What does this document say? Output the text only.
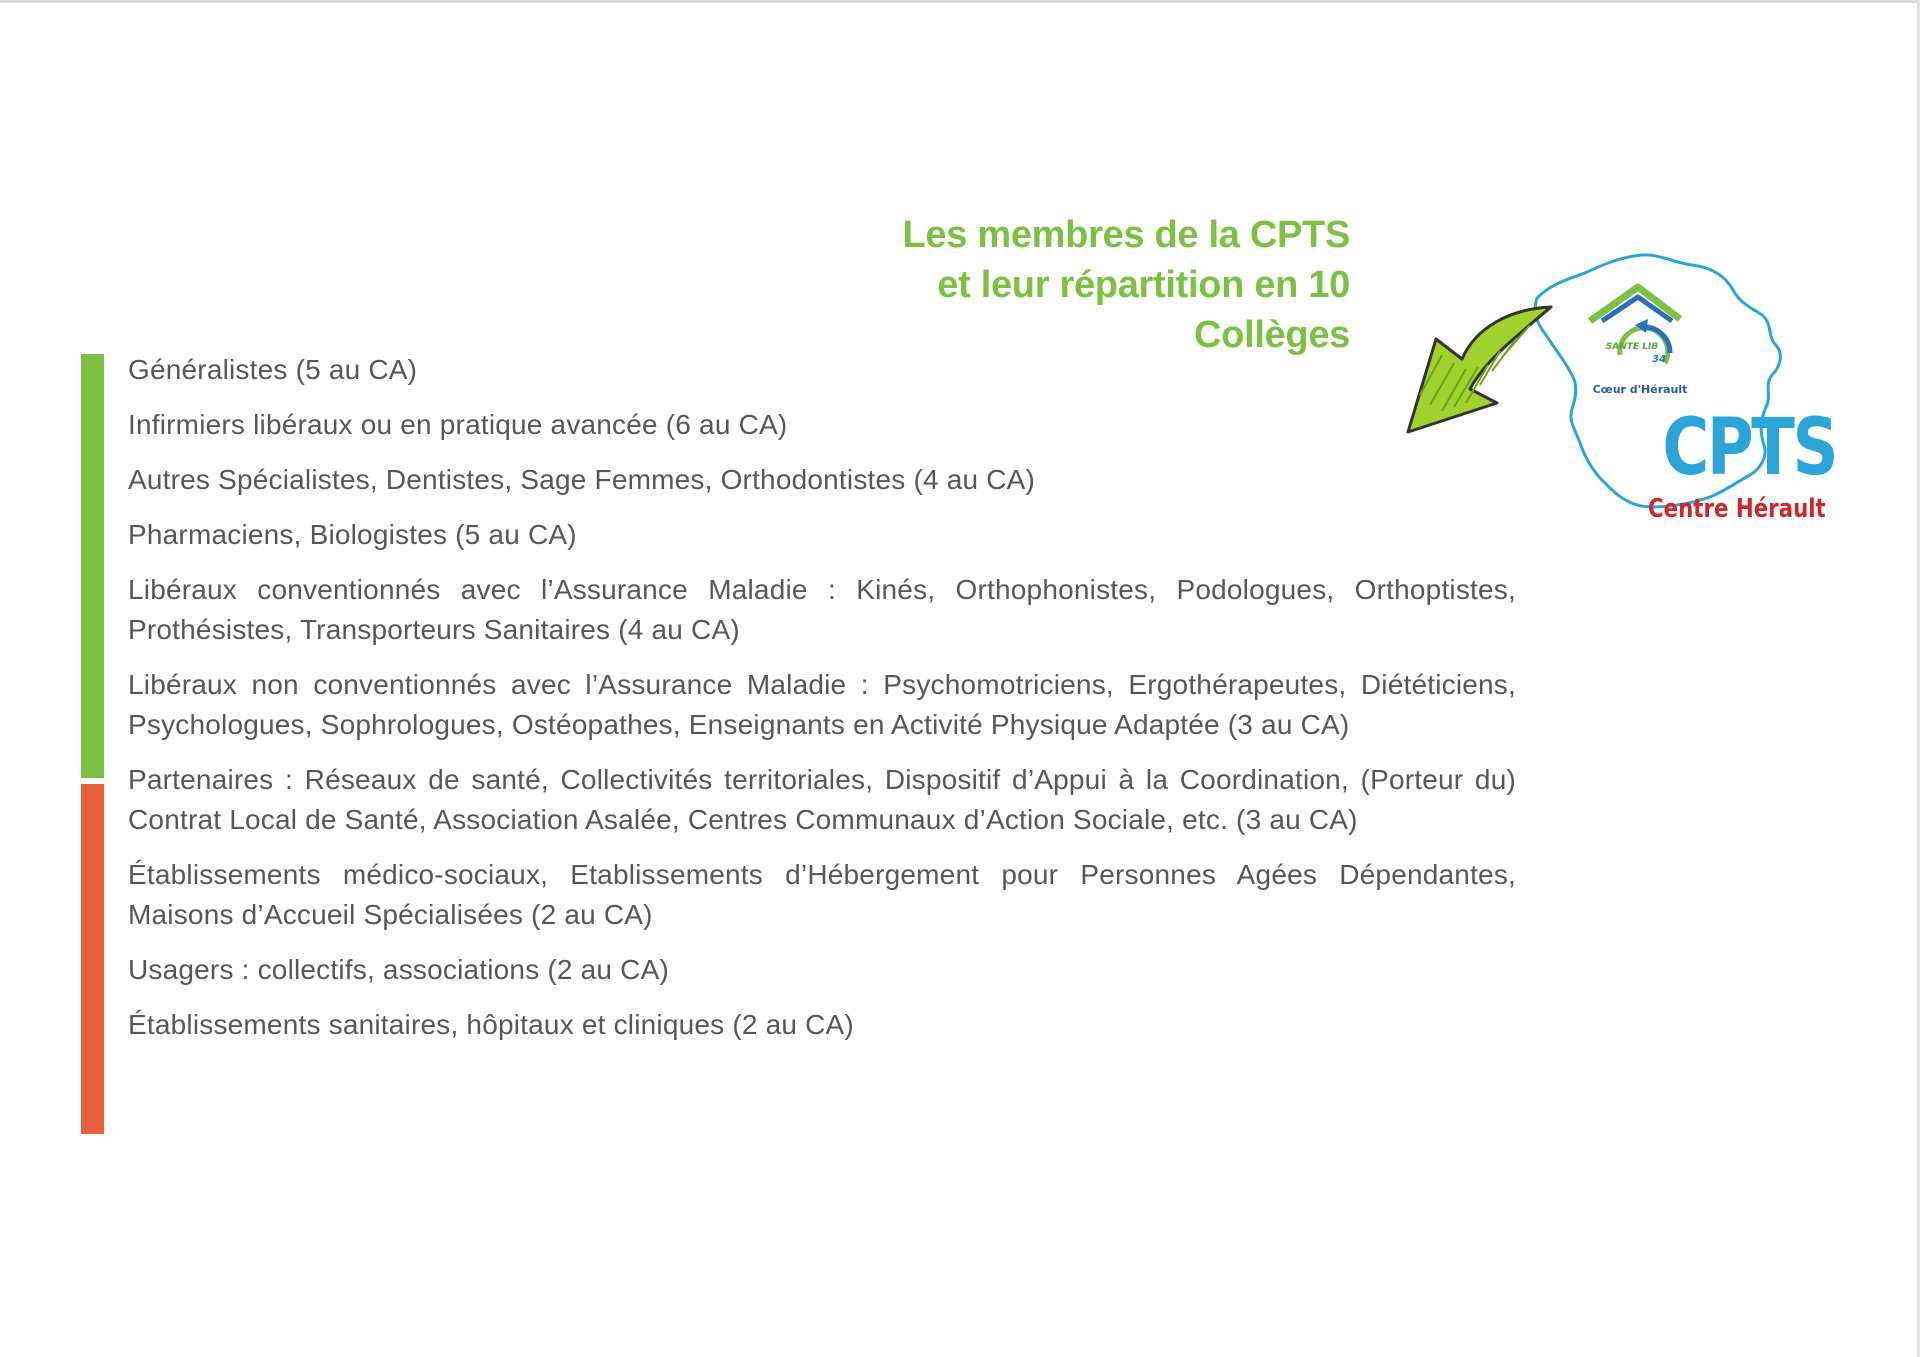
Les membres de la CPTS
et leur répartition en 10
Collèges
Généralistes (5 au CA)
Infirmiers libéraux ou en pratique avancée (6 au CA)
Autres Spécialistes, Dentistes, Sage Femmes, Orthodontistes (4 au CA)
Pharmaciens, Biologistes (5 au CA)
Libéraux conventionnés avec l’Assurance Maladie : Kinés, Orthophonistes, Podologues, Orthoptistes, Prothésistes, Transporteurs Sanitaires (4 au CA)
Libéraux non conventionnés avec l’Assurance Maladie : Psychomotriciens, Ergothérapeutes, Diététiciens, Psychologues, Sophrologues, Ostéopathes, Enseignants en Activité Physique Adaptée (3 au CA)
Partenaires : Réseaux de santé, Collectivités territoriales, Dispositif d’Appui à la Coordination, (Porteur du) Contrat Local de Santé, Association Asalée, Centres Communaux d’Action Sociale, etc. (3 au CA)
Établissements médico-sociaux, Etablissements d’Hébergement pour Personnes Agées Dépendantes, Maisons d’Accueil Spécialisées (2 au CA)
Usagers : collectifs, associations (2 au CA)
Établissements sanitaires, hôpitaux et cliniques (2 au CA)
SANTE LIB
34
Cœur d'Hérault
CPTS
Centre Hérault
